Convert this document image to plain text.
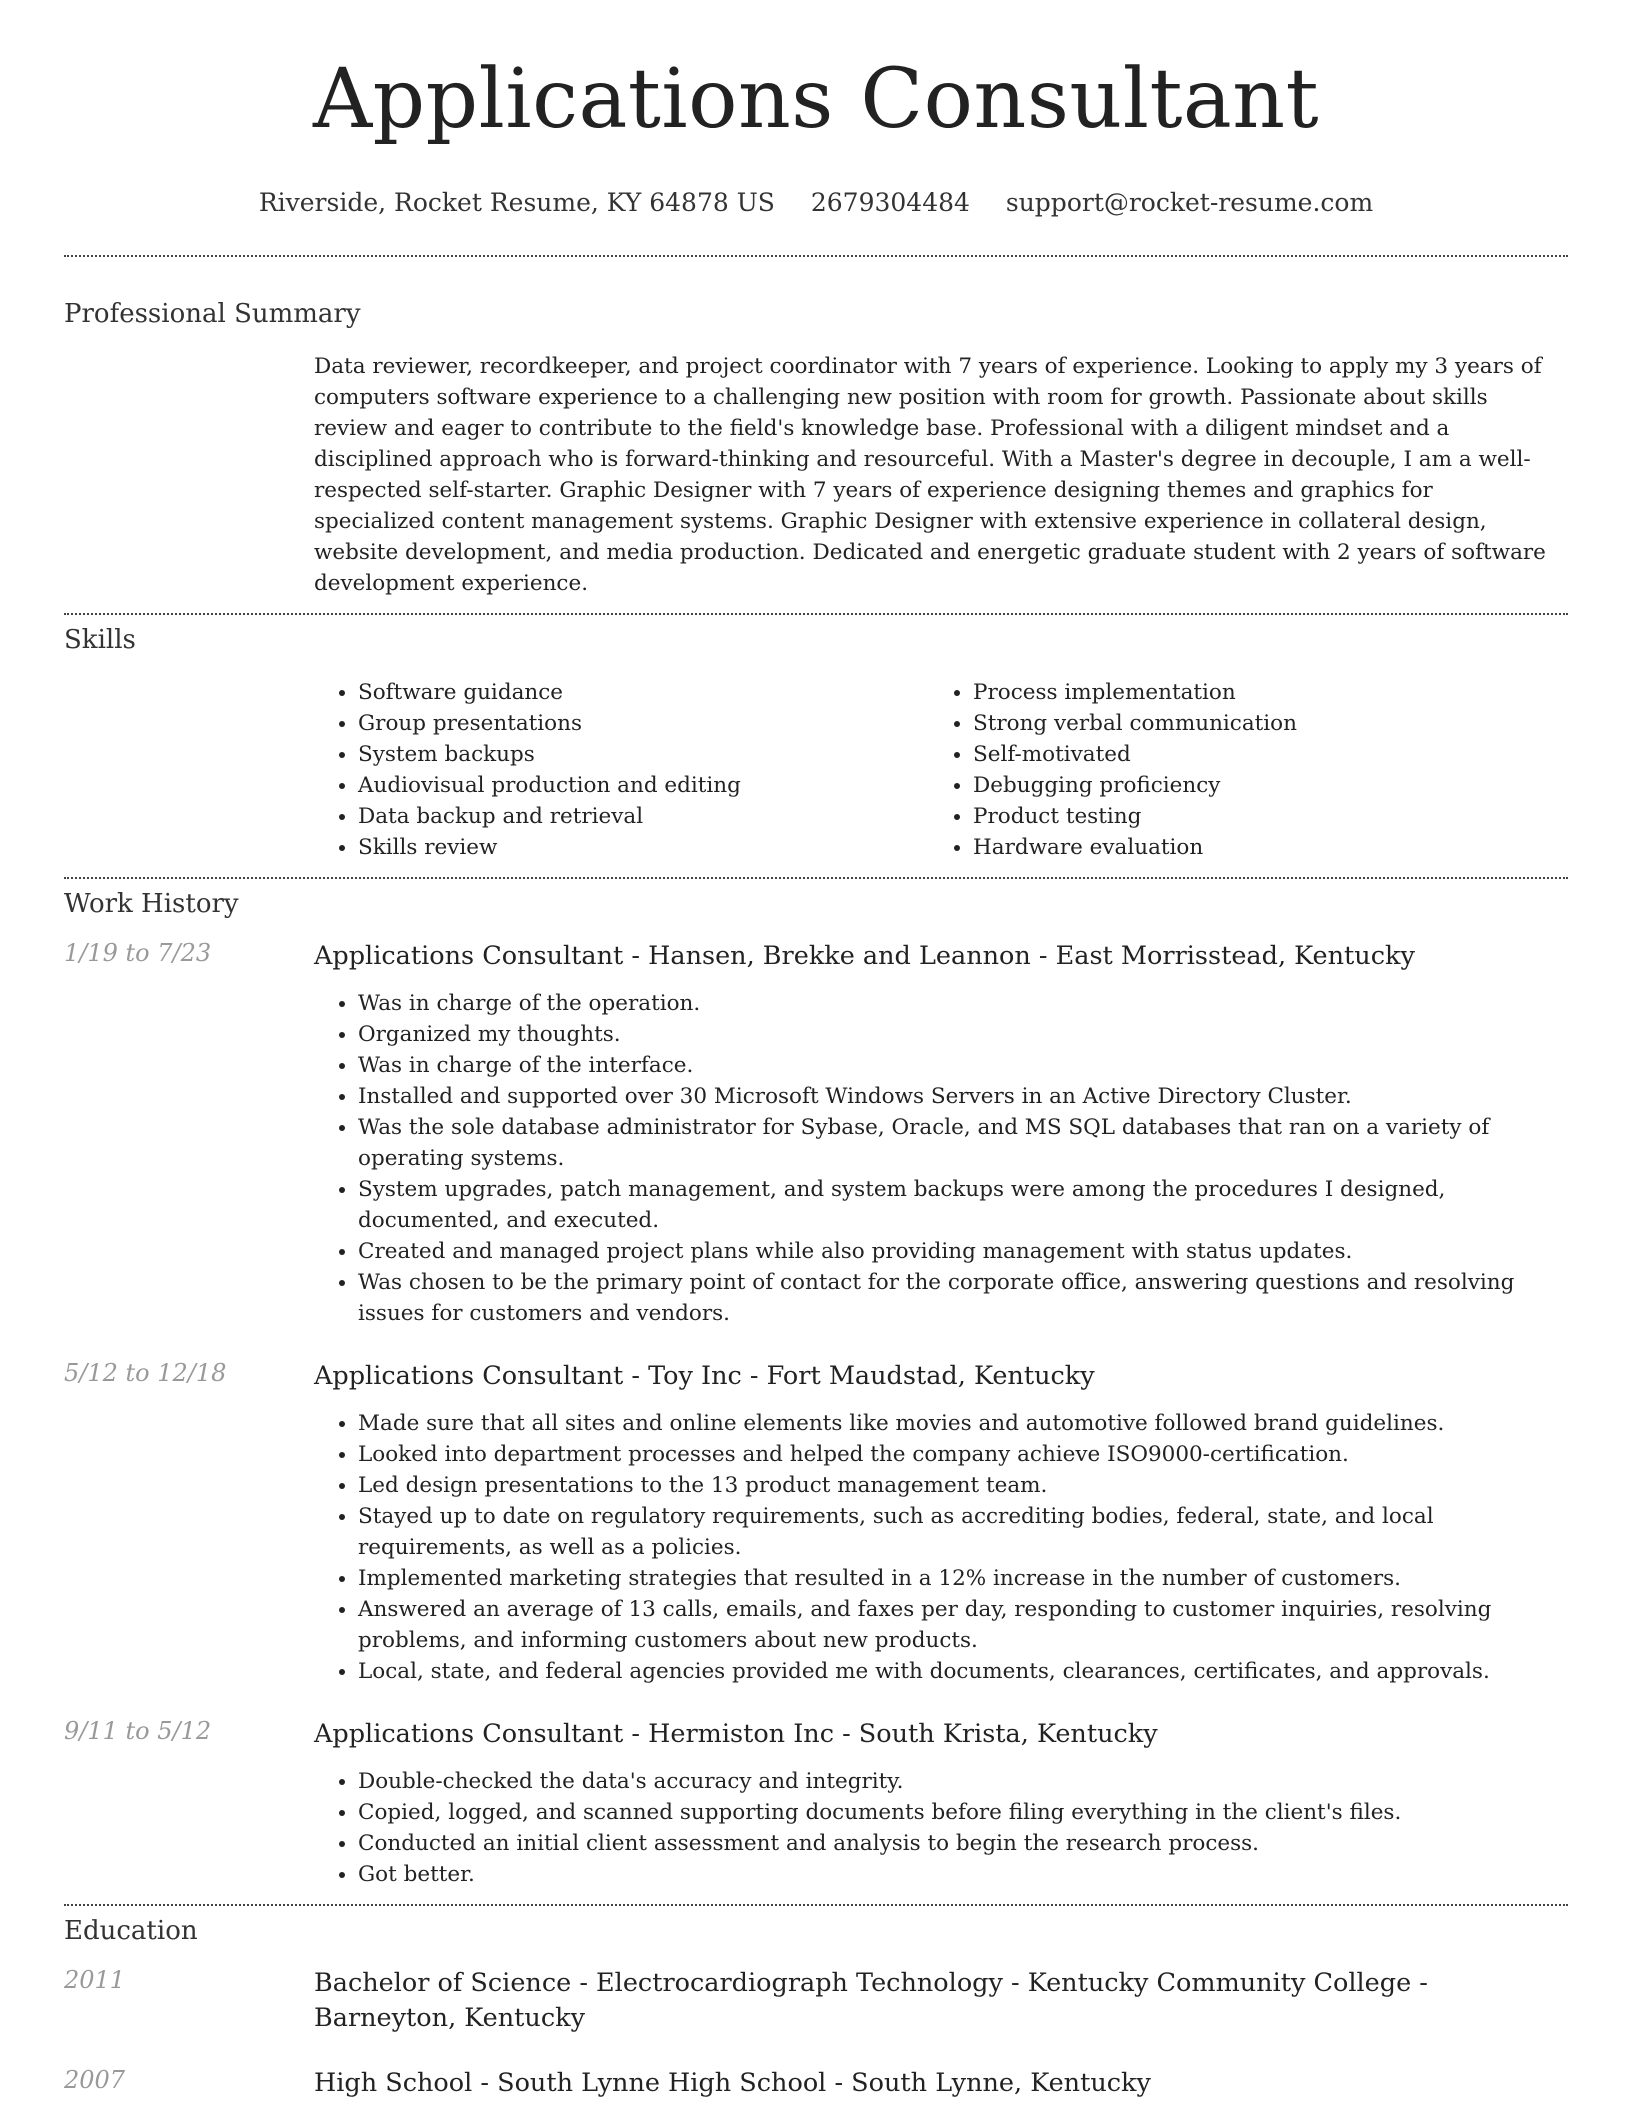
Applications Consultant
Riverside, Rocket Resume, KY 64878 US 2679304484 support@rocket-resume.com
Professional Summary
Data reviewer, recordkeeper, and project coordinator with 7 years of experience. Looking to apply my 3 years of computers software experience to a challenging new position with room for growth. Passionate about skills review and eager to contribute to the field's knowledge base. Professional with a diligent mindset and a disciplined approach who is forward-thinking and resourceful. With a Master's degree in decouple, I am a well-respected self-starter. Graphic Designer with 7 years of experience designing themes and graphics for specialized content management systems. Graphic Designer with extensive experience in collateral design, website development, and media production. Dedicated and energetic graduate student with 2 years of software development experience.
Skills
• Software guidance
• Group presentations
• System backups
• Audiovisual production and editing
• Data backup and retrieval
• Skills review
• Process implementation
• Strong verbal communication
• Self-motivated
• Debugging proficiency
• Product testing
• Hardware evaluation
Work History
1/19 to 7/23	Applications Consultant - Hansen, Brekke and Leannon - East Morrisstead, Kentucky
• Was in charge of the operation.
• Organized my thoughts.
• Was in charge of the interface.
• Installed and supported over 30 Microsoft Windows Servers in an Active Directory Cluster.
• Was the sole database administrator for Sybase, Oracle, and MS SQL databases that ran on a variety of operating systems.
• System upgrades, patch management, and system backups were among the procedures I designed, documented, and executed.
• Created and managed project plans while also providing management with status updates.
• Was chosen to be the primary point of contact for the corporate office, answering questions and resolving issues for customers and vendors.
5/12 to 12/18	Applications Consultant - Toy Inc - Fort Maudstad, Kentucky
• Made sure that all sites and online elements like movies and automotive followed brand guidelines.
• Looked into department processes and helped the company achieve ISO9000-certification.
• Led design presentations to the 13 product management team.
• Stayed up to date on regulatory requirements, such as accrediting bodies, federal, state, and local requirements, as well as a policies.
• Implemented marketing strategies that resulted in a 12% increase in the number of customers.
• Answered an average of 13 calls, emails, and faxes per day, responding to customer inquiries, resolving problems, and informing customers about new products.
• Local, state, and federal agencies provided me with documents, clearances, certificates, and approvals.
9/11 to 5/12	Applications Consultant - Hermiston Inc - South Krista, Kentucky
• Double-checked the data's accuracy and integrity.
• Copied, logged, and scanned supporting documents before filing everything in the client's files.
• Conducted an initial client assessment and analysis to begin the research process.
• Got better.
Education
2011	Bachelor of Science - Electrocardiograph Technology - Kentucky Community College - Barneyton, Kentucky
2007	High School - South Lynne High School - South Lynne, Kentucky
